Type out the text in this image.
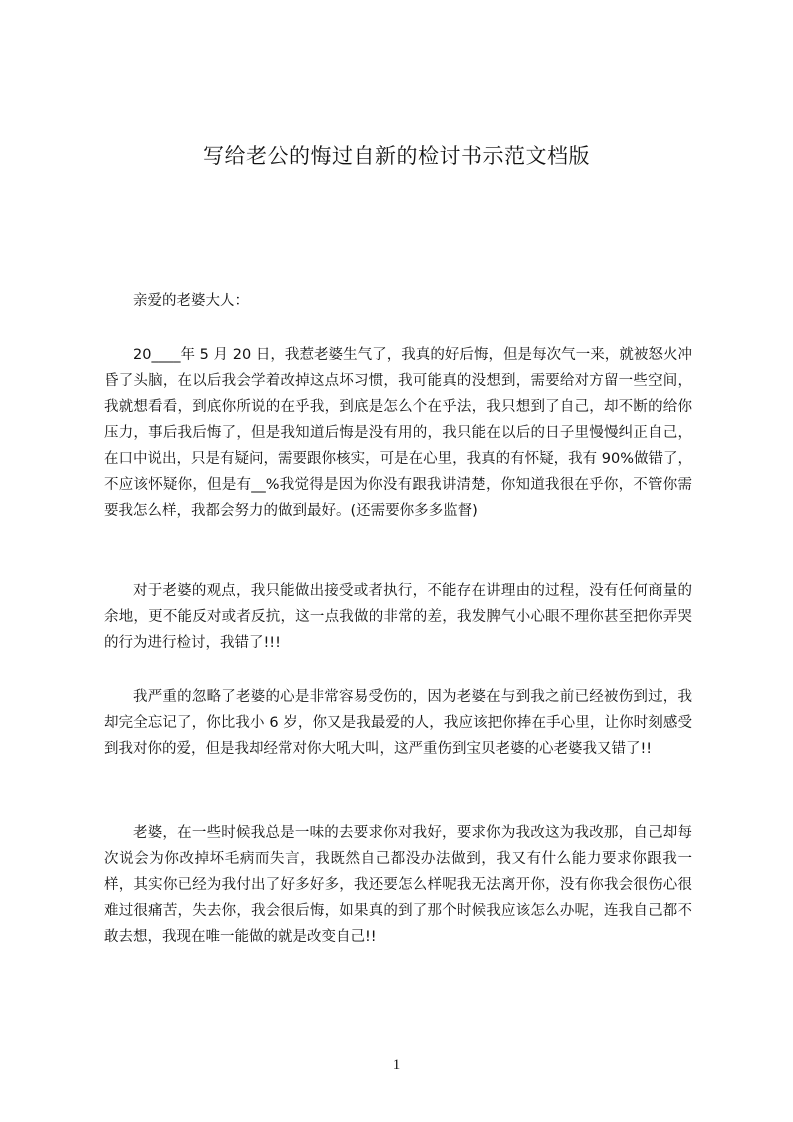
写给老公的悔过自新的检讨书示范文档版

亲爱的老婆大人：

20____年 5 月 20 日，我惹老婆生气了，我真的好后悔，但是每次气一来，就被怒火冲昏了头脑，在以后我会学着改掉这点坏习惯，我可能真的没想到，需要给对方留一些空间，我就想看看，到底你所说的在乎我，到底是怎么个在乎法，我只想到了自己，却不断的给你压力，事后我后悔了，但是我知道后悔是没有用的，我只能在以后的日子里慢慢纠正自己，在口中说出，只是有疑问，需要跟你核实，可是在心里，我真的有怀疑，我有 90%做错了，不应该怀疑你，但是有__%我觉得是因为你没有跟我讲清楚，你知道我很在乎你，不管你需要我怎么样，我都会努力的做到最好。(还需要你多多监督)

对于老婆的观点，我只能做出接受或者执行，不能存在讲理由的过程，没有任何商量的余地，更不能反对或者反抗，这一点我做的非常的差，我发脾气小心眼不理你甚至把你弄哭的行为进行检讨，我错了!!!

我严重的忽略了老婆的心是非常容易受伤的，因为老婆在与到我之前已经被伤到过，我却完全忘记了，你比我小 6 岁，你又是我最爱的人，我应该把你捧在手心里，让你时刻感受到我对你的爱，但是我却经常对你大吼大叫，这严重伤到宝贝老婆的心老婆我又错了!!

老婆，在一些时候我总是一味的去要求你对我好，要求你为我改这为我改那，自己却每次说会为你改掉坏毛病而失言，我既然自己都没办法做到，我又有什么能力要求你跟我一样，其实你已经为我付出了好多好多，我还要怎么样呢我无法离开你，没有你我会很伤心很难过很痛苦，失去你，我会很后悔，如果真的到了那个时候我应该怎么办呢，连我自己都不敢去想，我现在唯一能做的就是改变自己!!

1
